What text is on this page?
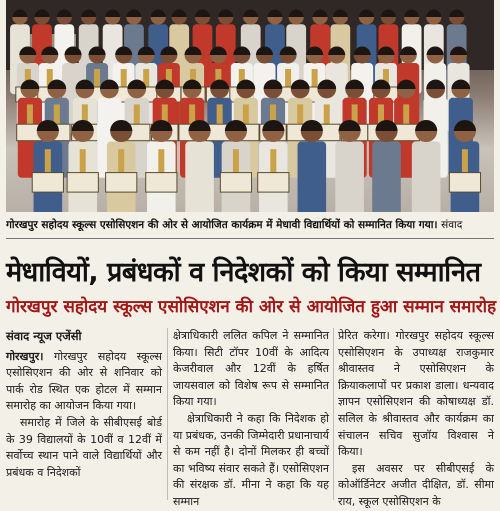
गोरखपुर सहोदय स्कूल्स एसोसिएशन की ओर से आयोजित कार्यक्रम में मेधावी विद्यार्थियों को सम्मानित किया गया। संवाद
मेधावियों, प्रबंधकों व निदेशकों को किया सम्मानित
गोरखपुर सहोदय स्कूल्स एसोसिएशन की ओर से आयोजित हुआ सम्मान समारोह
संवाद न्यूज एजेंसी

गोरखपुर। गोरखपुर सहोदय स्कूल्स एसोसिएशन की ओर से शनिवार को पार्क रोड स्थित एक होटल में सम्मान समारोह का आयोजन किया गया।

समारोह में जिले के सीबीएसई बोर्ड के 39 विद्यालयों के 10वीं व 12वीं में सर्वोच्च स्थान पाने वाले विद्यार्थियों और प्रबंधक व निदेशकों

क्षेत्राधिकारी ललित कपिल ने सम्मानित किया। सिटी टॉपर 10वीं के आदित्य केजरीवाल और 12वीं के हर्षित जायसवाल को विशेष रूप से सम्मानित किया गया।

क्षेत्राधिकारी ने कहा कि निदेशक हो या प्रबंधक, उनकी जिम्मेदारी प्रधानाचार्य से कम नहीं है। दोनों मिलकर ही बच्चों का भविष्य संवार सकते हैं। एसोसिएशन की संरक्षक डॉ. मीना ने कहा कि यह सम्मान

प्रेरित करेगा। गोरखपुर सहोदय स्कूल्स एसोसिएशन के उपाध्यक्ष राजकुमार श्रीवास्तव ने एसोसिएशन के क्रियाकलापों पर प्रकाश डाला। धन्यवाद ज्ञापन एसोसिएशन की कोषाध्यक्ष डॉ. सलिल के श्रीवास्तव और कार्यक्रम का संचालन सचिव सुजॉय विश्वास ने किया।

इस अवसर पर सीबीएसई के कोऑर्डिनेटर अजीत दीक्षित, डॉ. सीमा राय, स्कूल एसोसिएशन के
